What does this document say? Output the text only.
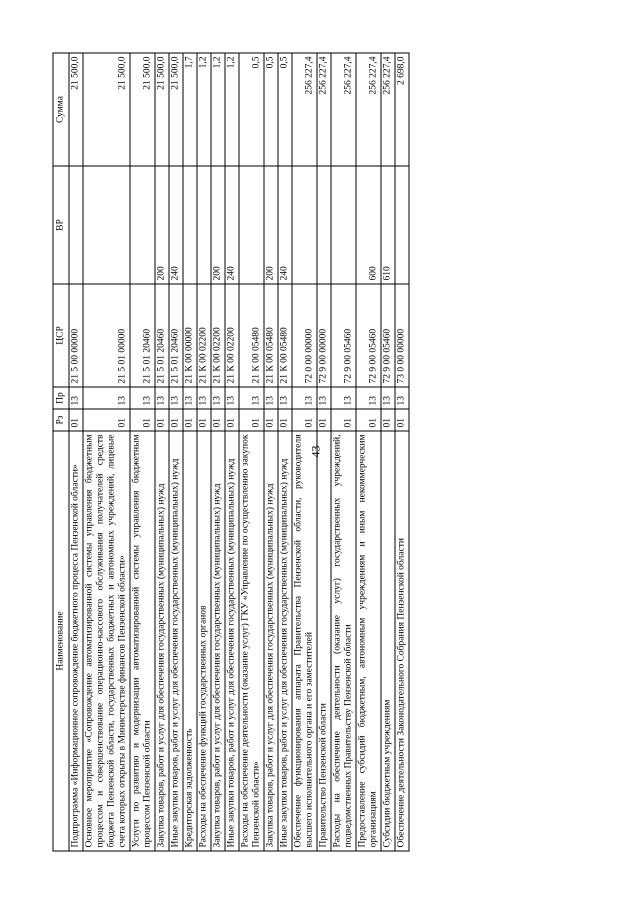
43
Наименование	Рз	Пр	ЦСР	ВР	Сумма
Подпрограмма «Информационное сопровождение бюджетного процесса Пензенской области»	01	13	21 5 00 00000		21 500,0
Основное мероприятие «Сопровождение автоматизированной системы управления бюджетным процессом и совершенствование операционно-кассового обслуживания получателей средств бюджета Пензенской области, государственных бюджетных и автономных учреждений, лицевые счета которых открыты в Министерстве финансов Пензенской области»	01	13	21 5 01 00000		21 500,0
Услуги по развитию и модернизации автоматизированной системы управления бюджетным процессом Пензенской области	01	13	21 5 01 20460		21 500,0
Закупка товаров, работ и услуг для обеспечения государственных (муниципальных) нужд	01	13	21 5 01 20460	200	21 500,0
Иные закупки товаров, работ и услуг для обеспечения государственных (муниципальных) нужд	01	13	21 5 01 20460	240	21 500,0
Кредиторская задолженность	01	13	21 К 00 00000		1,7
Расходы на обеспечение функций государственных органов	01	13	21 К 00 02200		1,2
Закупка товаров, работ и услуг для обеспечения государственных (муниципальных) нужд	01	13	21 К 00 02200	200	1,2
Иные закупки товаров, работ и услуг для обеспечения государственных (муниципальных) нужд	01	13	21 К 00 02200	240	1,2
Расходы на обеспечение деятельности (оказание услуг) ГКУ «Управление по осуществлению закупок Пензенской области»	01	13	21 К 00 05480		0,5
Закупка товаров, работ и услуг для обеспечения государственных (муниципальных) нужд	01	13	21 К 00 05480	200	0,5
Иные закупки товаров, работ и услуг для обеспечения государственных (муниципальных) нужд	01	13	21 К 00 05480	240	0,5
Обеспечение функционирования аппарата Правительства Пензенской области, руководителя высшего исполнительного органа и его заместителей	01	13	72 0 00 00000		256 227,4
Правительство Пензенской области	01	13	72 9 00 00000		256 227,4
Расходы на обеспечение деятельности (оказание услуг) государственных учреждений, подведомственных Правительству Пензенской области	01	13	72 9 00 05460		256 227,4
Предоставление субсидий бюджетным, автономным учреждениям и иным некоммерческим организациям	01	13	72 9 00 05460	600	256 227,4
Субсидии бюджетным учреждениям	01	13	72 9 00 05460	610	256 227,4
Обеспечение деятельности Законодательного Собрания Пензенской области	01	13	73 0 00 00000		2 698,0
